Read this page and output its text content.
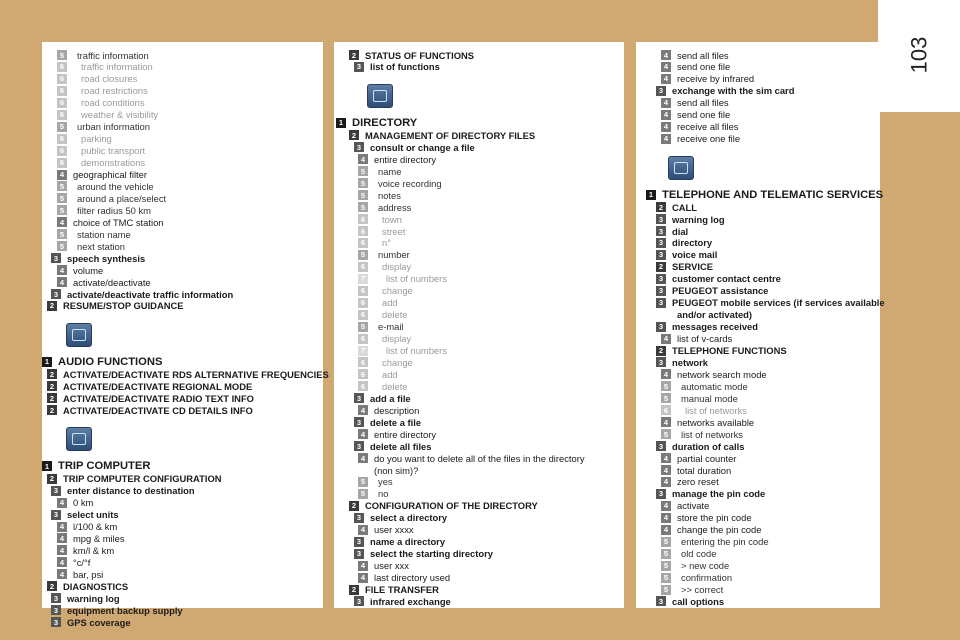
103
5	traffic information
6	traffic information
6	road closures
6	road restrictions
6	road conditions
6	weather & visibility
5	urban information
6	parking
6	public transport
6	demonstrations
4 geographical filter
5	around the vehicle
5	around a place/select
5	filter radius 50 km
4 choice of TMC station
5	station name
5	next station
3 speech synthesis
4 volume
4 activate/deactivate
3 activate/deactivate traffic information
2 RESUME/STOP GUIDANCE
1 AUDIO FUNCTIONS
2 ACTIVATE/DEACTIVATE RDS ALTERNATIVE FREQUENCIES
2 ACTIVATE/DEACTIVATE REGIONAL MODE
2 ACTIVATE/DEACTIVATE RADIO TEXT INFO
2 ACTIVATE/DEACTIVATE CD DETAILS INFO
1 TRIP COMPUTER
2 TRIP COMPUTER CONFIGURATION
3 enter distance to destination
4 0 km
3 select units
4 l/100 & km
4 mpg & miles
4 km/l & km
4 °c/°f
4 bar, psi
2 DIAGNOSTICS
3 warning log
3 equipment backup supply
3 GPS coverage
2 STATUS OF FUNCTIONS
3 list of functions
1 DIRECTORY
2 MANAGEMENT OF DIRECTORY FILES
3 consult or change a file
4 entire directory
5	name
5	voice recording
5	notes
5	address
6	town
6	street
6	n°
5	number
6	display
7	list of numbers
6	change
6	add
6	delete
5	e-mail
6	display
7	list of numbers
6	change
6	add
6	delete
3 add a file
4 description
3 delete a file
4 entire directory
3 delete all files
4 do you want to delete all of the files in the directory
(non sim)?
5	yes
5	no
2 CONFIGURATION OF THE DIRECTORY
3 select a directory
4 user xxxx
3 name a directory
3 select the starting directory
4 user xxx
4 last directory used
2 FILE TRANSFER
3 infrared exchange
4 send all files
4 send one file
4 receive by infrared
3 exchange with the sim card
4 send all files
4 send one file
4 receive all files
4 receive one file
1 TELEPHONE AND TELEMATIC SERVICES
2 CALL
3 warning log
3 dial
3 directory
3 voice mail
2 SERVICE
3 customer contact centre
3 PEUGEOT assistance
3 PEUGEOT mobile services (if services available
and/or activated)
3 messages received
4 list of v-cards
2 TELEPHONE FUNCTIONS
3 network
4 network search mode
5	automatic mode
5	manual mode
6	list of networks
4 networks available
5	list of networks
3 duration of calls
4 partial counter
4 total duration
4 zero reset
3 manage the pin code
4 activate
4 store the pin code
4 change the pin code
5	entering the pin code
5	old code
5	> new code
5	confirmation
5	>> correct
3 call options
